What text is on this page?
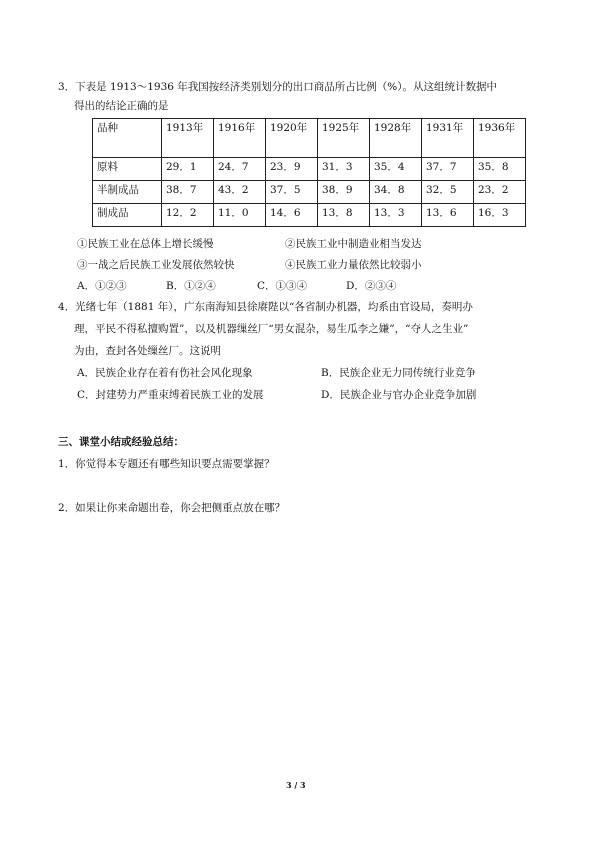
3．下表是 1913～1936 年我国按经济类别划分的出口商品所占比例（%）。从这组统计数据中
得出的结论正确的是
品种	1913年	1916年	1920年	1925年	1928年	1931年	1936年
原料	29．1	24．7	23．9	31．3	35．4	37．7	35．8
半制成品	38．7	43．2	37．5	38．9	34．8	32．5	23．2
制成品	12．2	11．0	14．6	13．8	13．3	13．6	16．3
①民族工业在总体上增长缓慢	②民族工业中制造业相当发达
③一战之后民族工业发展依然较快	④民族工业力量依然比较弱小
A．①②③	B．①②④	C．①③④	D．②③④
4．光绪七年（1881 年），广东南海知县徐赓陛以“各省制办机器，均系由官设局，奏明办
理，平民不得私擅购置”，以及机器缫丝厂“男女混杂，易生瓜李之嫌”，“夺人之生业”
为由，查封各处缫丝厂。这说明
A．民族企业存在着有伤社会风化现象	B．民族企业无力同传统行业竞争
C．封建势力严重束缚着民族工业的发展	D．民族企业与官办企业竞争加剧
三、课堂小结或经验总结：
1．你觉得本专题还有哪些知识要点需要掌握？
2．如果让你来命题出卷，你会把侧重点放在哪？
3 / 3
